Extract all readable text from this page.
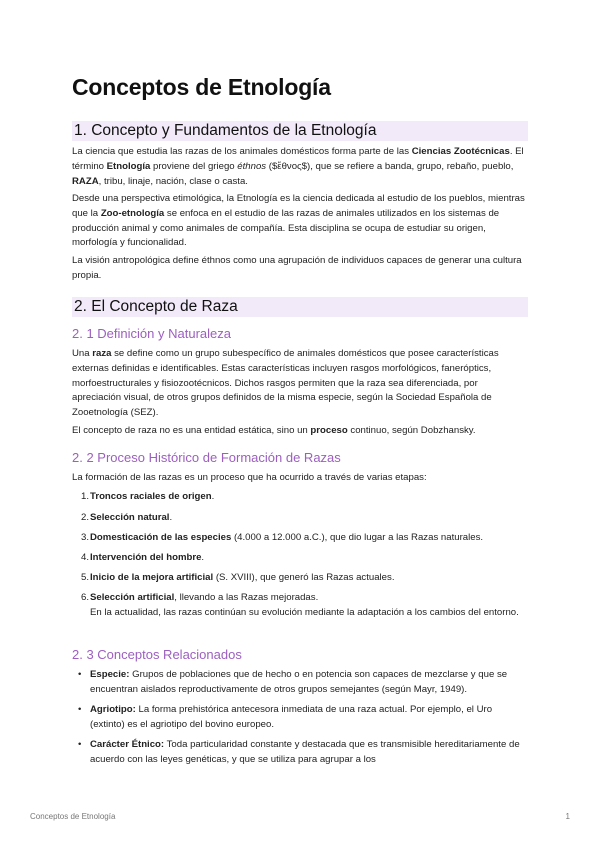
Conceptos de Etnología
1. Concepto y Fundamentos de la Etnología

La ciencia que estudia las razas de los animales domésticos forma parte de las Ciencias Zootécnicas. El término Etnología proviene del griego éthnos ($ἔθνος$), que se refiere a banda, grupo, rebaño, pueblo, RAZA, tribu, linaje, nación, clase o casta.

Desde una perspectiva etimológica, la Etnología es la ciencia dedicada al estudio de los pueblos, mientras que la Zoo-etnología se enfoca en el estudio de las razas de animales utilizados en los sistemas de producción animal y como animales de compañía. Esta disciplina se ocupa de estudiar su origen, morfología y funcionalidad.

La visión antropológica define éthnos como una agrupación de individuos capaces de generar una cultura propia.

2. El Concepto de Raza
2. 1 Definición y Naturaleza

Una raza se define como un grupo subespecífico de animales domésticos que posee características externas definidas e identificables. Estas características incluyen rasgos morfológicos, faneróptics, morfoestructurales y fisiozootécnicos. Dichos rasgos permiten que la raza sea diferenciada, por apreciación visual, de otros grupos definidos de la misma especie, según la Sociedad Española de Zooetnología (SEZ).

El concepto de raza no es una entidad estática, sino un proceso continuo, según Dobzhansky.

2. 2 Proceso Histórico de Formación de Razas

La formación de las razas es un proceso que ha ocurrido a través de varias etapas:

1. Troncos raciales de origen.
2. Selección natural.
3. Domesticación de las especies (4.000 a 12.000 a.C.), que dio lugar a las Razas naturales.
4. Intervención del hombre.
5. Inicio de la mejora artificial (S. XVIII), que generó las Razas actuales.
6. Selección artificial, llevando a las Razas mejoradas.
En la actualidad, las razas continúan su evolución mediante la adaptación a los cambios del entorno.
2. 3 Conceptos Relacionados
• Especie: Grupos de poblaciones que de hecho o en potencia son capaces de mezclarse y que se encuentran aislados reproductivamente de otros grupos semejantes (según Mayr, 1949).
• Agriotipo: La forma prehistórica antecesora inmediata de una raza actual. Por ejemplo, el Uro (extinto) es el agriotipo del bovino europeo.
• Carácter Étnico: Toda particularidad constante y destacada que es transmisible hereditariamente de acuerdo con las leyes genéticas, y que se utiliza para agrupar a los
Conceptos de Etnología	1
